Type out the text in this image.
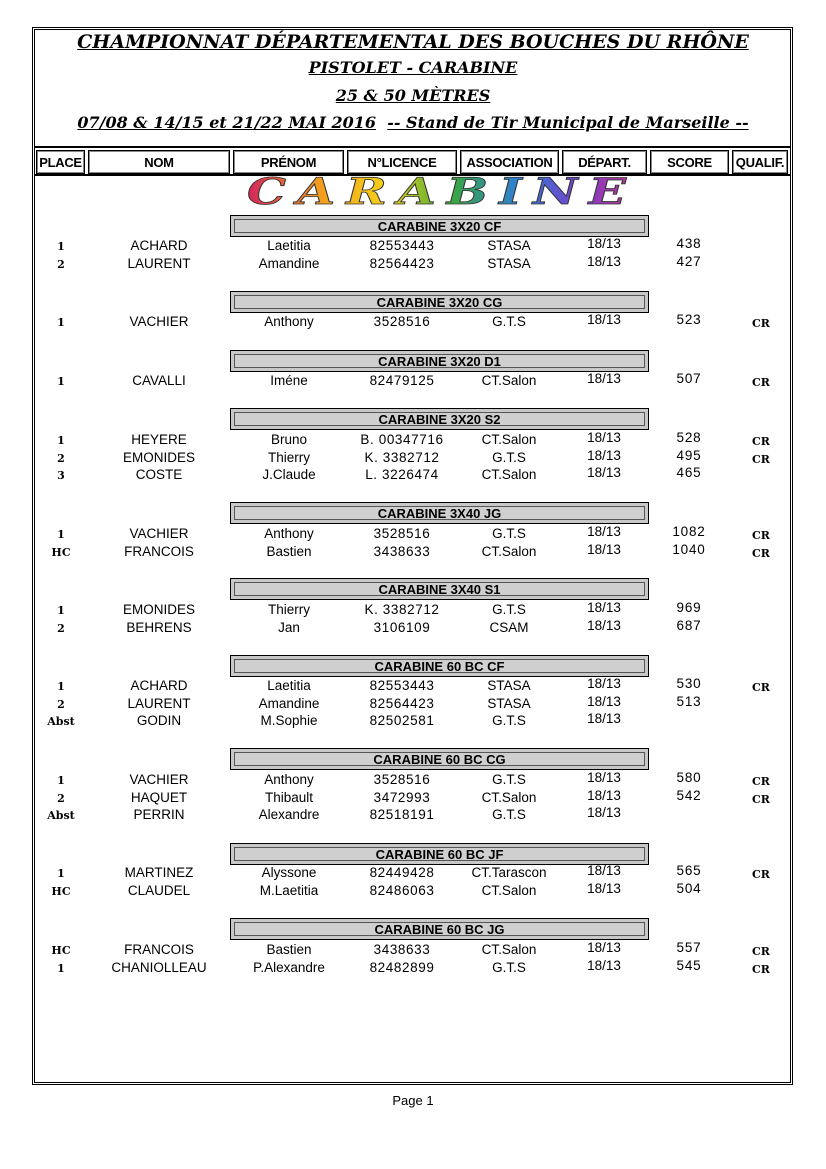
CHAMPIONNAT DÉPARTEMENTAL DES BOUCHES DU RHÔNE
PISTOLET - CARABINE
25 & 50 MÈTRES
07/08 & 14/15 et 21/22 MAI 2016 -- Stand de Tir Municipal de Marseille --
PLACE	NOM	PRÉNOM	N°LICENCE	ASSOCIATION	DÉPART.	SCORE	QUALIF.
CARABINE
CARABINE 3X20 CF
1	ACHARD	Laetitia	82553443	STASA	18/13	438
2	LAURENT	Amandine	82564423	STASA	18/13	427
CARABINE 3X20 CG
1	VACHIER	Anthony	3528516	G.T.S	18/13	523	CR
CARABINE 3X20 D1
1	CAVALLI	Iméne	82479125	CT.Salon	18/13	507	CR
CARABINE 3X20 S2
1	HEYERE	Bruno	B. 00347716	CT.Salon	18/13	528	CR
2	EMONIDES	Thierry	K. 3382712	G.T.S	18/13	495	CR
3	COSTE	J.Claude	L. 3226474	CT.Salon	18/13	465
CARABINE 3X40 JG
1	VACHIER	Anthony	3528516	G.T.S	18/13	1082	CR
HC	FRANCOIS	Bastien	3438633	CT.Salon	18/13	1040	CR
CARABINE 3X40 S1
1	EMONIDES	Thierry	K. 3382712	G.T.S	18/13	969
2	BEHRENS	Jan	3106109	CSAM	18/13	687
CARABINE 60 BC CF
1	ACHARD	Laetitia	82553443	STASA	18/13	530	CR
2	LAURENT	Amandine	82564423	STASA	18/13	513
Abst	GODIN	M.Sophie	82502581	G.T.S	18/13
CARABINE 60 BC CG
1	VACHIER	Anthony	3528516	G.T.S	18/13	580	CR
2	HAQUET	Thibault	3472993	CT.Salon	18/13	542	CR
Abst	PERRIN	Alexandre	82518191	G.T.S	18/13
CARABINE 60 BC JF
1	MARTINEZ	Alyssone	82449428	CT.Tarascon	18/13	565	CR
HC	CLAUDEL	M.Laetitia	82486063	CT.Salon	18/13	504
CARABINE 60 BC JG
HC	FRANCOIS	Bastien	3438633	CT.Salon	18/13	557	CR
1	CHANIOLLEAU	P.Alexandre	82482899	G.T.S	18/13	545	CR
Page 1
